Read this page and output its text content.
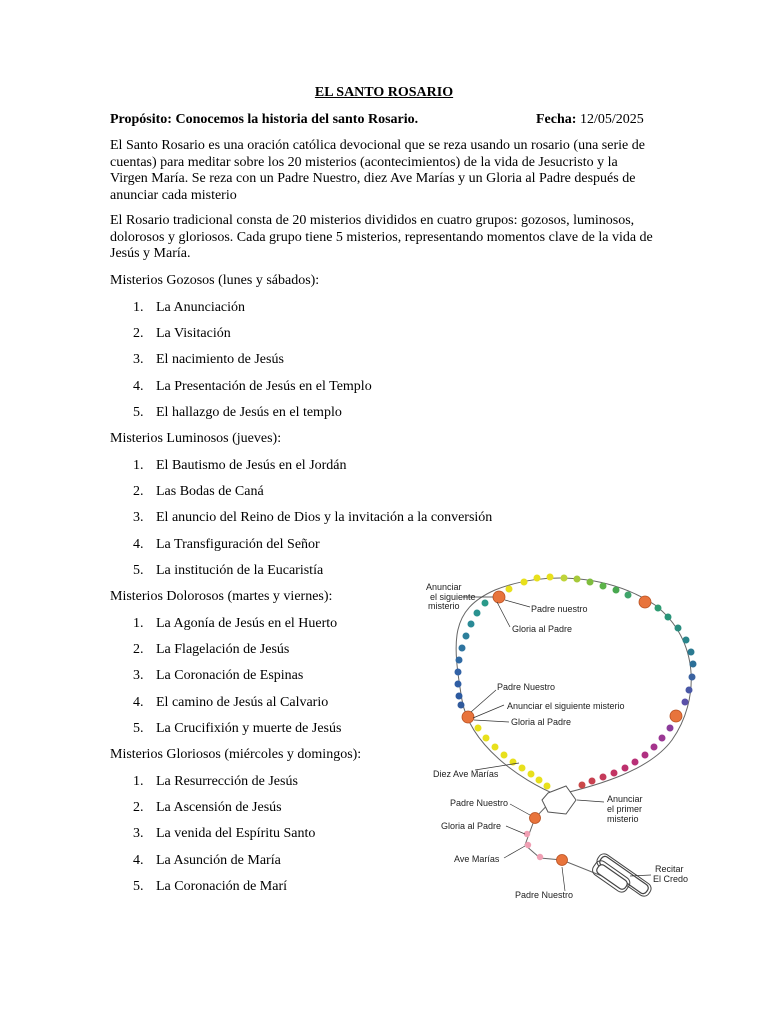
EL SANTO ROSARIO
Propósito: Conocemos la historia del santo Rosario.	Fecha: 12/05/2025
El Santo Rosario es una oración católica devocional que se reza usando un rosario (una serie de cuentas) para meditar sobre los 20 misterios (acontecimientos) de la vida de Jesucristo y la Virgen María. Se reza con un Padre Nuestro, diez Ave Marías y un Gloria al Padre después de anunciar cada misterio
El Rosario tradicional consta de 20 misterios divididos en cuatro grupos: gozosos, luminosos, dolorosos y gloriosos. Cada grupo tiene 5 misterios, representando momentos clave de la vida de Jesús y María.
Misterios Gozosos (lunes y sábados):
1. La Anunciación
2. La Visitación
3. El nacimiento de Jesús
4. La Presentación de Jesús en el Templo
5. El hallazgo de Jesús en el templo
Misterios Luminosos (jueves):
1. El Bautismo de Jesús en el Jordán
2. Las Bodas de Caná
3. El anuncio del Reino de Dios y la invitación a la conversión
4. La Transfiguración del Señor
5. La institución de la Eucaristía
Misterios Dolorosos (martes y viernes):
1. La Agonía de Jesús en el Huerto
2. La Flagelación de Jesús
3. La Coronación de Espinas
4. El camino de Jesús al Calvario
5. La Crucifixión y muerte de Jesús
Misterios Gloriosos (miércoles y domingos):
1. La Resurrección de Jesús
2. La Ascensión de Jesús
3. La venida del Espíritu Santo
4. La Asunción de María
5. La Coronación de Marí
Anunciar
el siguiente
misterio	Padre nuestro
Gloria al Padre
Padre Nuestro
Anunciar el siguiente misterio
Gloria al Padre
Diez Ave Marías
Padre Nuestro
Gloria al Padre
Ave Marías
Padre Nuestro
Anunciar
el primer
misterio
Recitar
El Credo
